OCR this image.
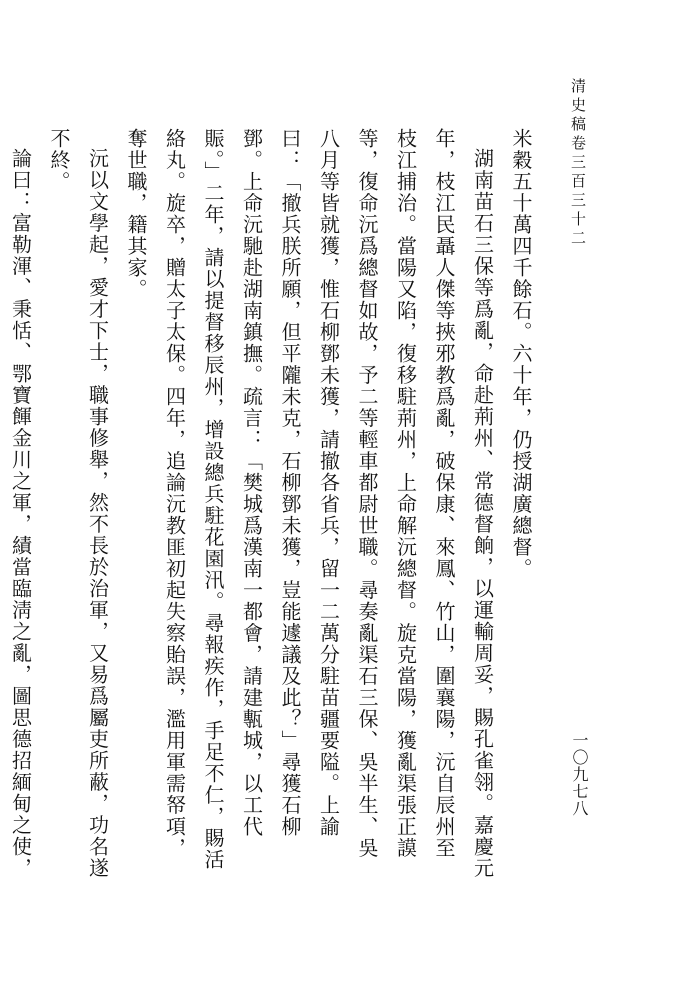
清史稿卷三百三十二
一〇九七八

米穀五十萬四千餘石。六十年，仍授湖廣總督。

湖南苗石三保等爲亂，命赴荊州、常德督餉，以運輸周妥，賜孔雀翎。嘉慶元年，枝江民聶人傑等挾邪教爲亂，破保康、來鳳、竹山，圍襄陽，沅自辰州至枝江捕治。當陽又陷，復移駐荊州，上命解沅總督。旋克當陽，獲亂渠張正謨等，復命沅爲總督如故，予二等輕車都尉世職。尋奏亂渠石三保、吳半生、吳八月等皆就獲，惟石柳鄧未獲，請撤各省兵，留一二萬分駐苗疆要隘。上諭曰：「撤兵朕所願，但平隴未克，石柳鄧未獲，豈能遽議及此？」尋獲石柳鄧。上命沅馳赴湖南鎮撫。疏言：「樊城爲漢南一都會，請建甎城，以工代賑。」二年，請以提督移辰州，增設總兵駐花園汛。尋報疾作，手足不仁，賜活絡丸。旋卒，贈太子太保。四年，追論沅教匪初起失察貽誤，濫用軍需帑項，奪世職，籍其家。

沅以文學起，愛才下士，職事修舉，然不長於治軍，又易爲屬吏所蔽，功名遂不終。

論曰：富勒渾、秉恬、鄂寶餫金川之軍，績當臨淸之亂，圖思德招緬甸之使，
